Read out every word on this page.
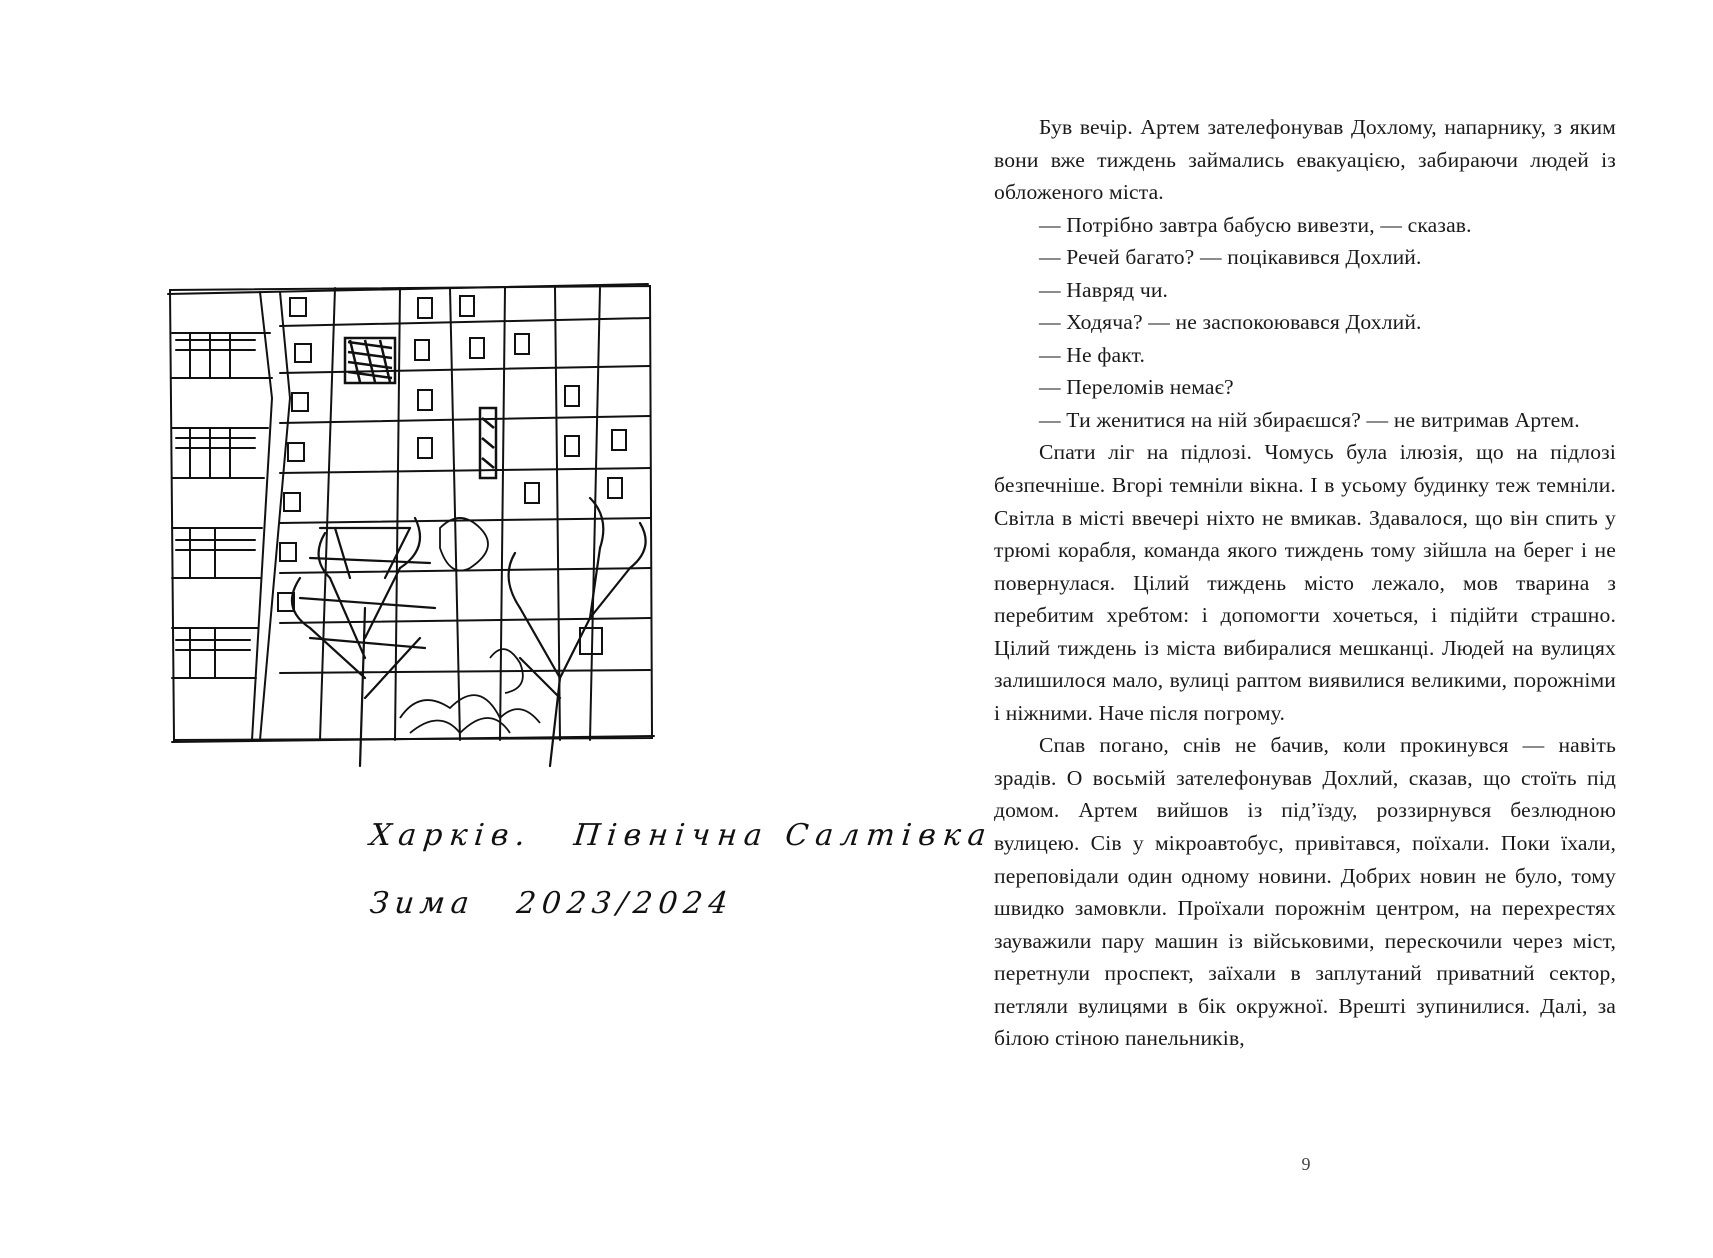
Харків. Північна Салтівка
Зима 2023/2024

Був вечір. Артем зателефонував Дохлому, напарнику, з яким вони вже тиждень займались евакуацією, забираючи людей із обложеного міста.

— Потрібно завтра бабусю вивезти, — сказав.

— Речей багато? — поцікавився Дохлий.

— Навряд чи.

— Ходяча? — не заспокоювався Дохлий.

— Не факт.

— Переломів немає?

— Ти женитися на ній збираєшся? — не витримав Артем.

Спати ліг на підлозі. Чомусь була ілюзія, що на підлозі безпечніше. Вгорі темніли вікна. І в усьому будинку теж темніли. Світла в місті ввечері ніхто не вмикав. Здавалося, що він спить у трюмі корабля, команда якого тиждень тому зійшла на берег і не повернулася. Цілий тиждень місто лежало, мов тварина з перебитим хребтом: і допомогти хочеться, і підійти страшно. Цілий тиждень із міста вибиралися мешканці. Людей на вулицях залишилося мало, вулиці раптом виявилися великими, порожніми і ніжними. Наче після погрому.

Спав погано, снів не бачив, коли прокинувся — навіть зрадів. О восьмій зателефонував Дохлий, сказав, що стоїть під домом. Артем вийшов із під’їзду, роззирнувся безлюдною вулицею. Сів у мікроавтобус, привітався, поїхали. Поки їхали, переповідали один одному новини. Добрих новин не було, тому швидко замовкли. Проїхали порожнім центром, на перехрестях зауважили пару машин із військовими, перескочили через міст, перетнули проспект, заїхали в заплутаний приватний сектор, петляли вулицями в бік окружної. Врешті зупинилися. Далі, за білою стіною панельників,

9
